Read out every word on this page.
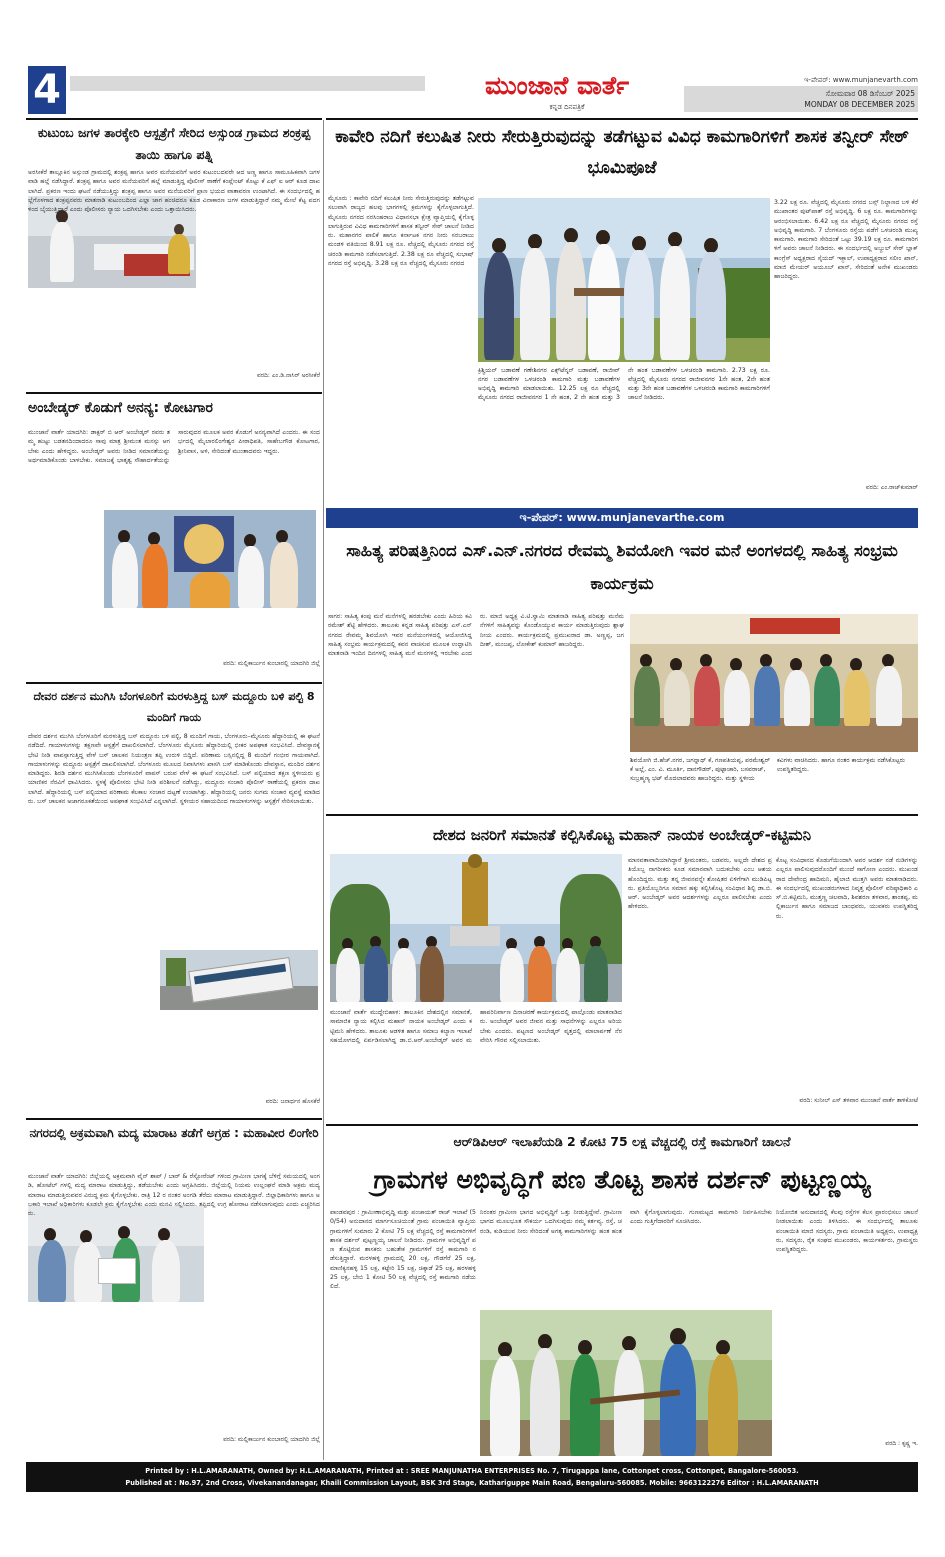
4	ಮುಂಜಾನೆ ವಾರ್ತೆ
ಕನ್ನಡ ದಿನಪತ್ರಿಕೆ
ಇ-ಪೇಪರ್: www.munjanevarth.com
ಸೋಮವಾರ 08 ಡಿಸೆಂಬರ್ 2025
MONDAY 08 DECEMBER 2025
ಕುಟುಂಬ ಜಗಳ ತಾರಕ್ಕೇರಿ ಆಸ್ಪತ್ರೆಗೆ ಸೇರಿದ ಅಸ್ಸುಂಡ ಗ್ರಾಮದ ಶಂಕ್ರಪ್ಪ ತಾಯಿ ಹಾಗೂ ಪತ್ನಿ
ಅರಸೀಕೆರೆ ತಾಲ್ಲೂಕಿನ ಅಸ್ಸುಂಡ ಗ್ರಾಮದಲ್ಲಿ ಶಂಕ್ರಪ್ಪ ಹಾಗೂ ಅವರ ಮನೆಯವರಿಗೆ ಅವರ ಕುಟುಂಬದವರೇ ಆದ ಅಣ್ಣ ಹಾಗೂ ಸಾಮೂಹಿಕವಾಗಿ ಜಗಳವಾಡಿ ಹಲ್ಲೆ ನಡೆಸಿದ್ದಾರೆ. ಶಂಕ್ರಪ್ಪ ಹಾಗೂ ಅವರ ಮನೆಯವರಿಗೆ ಹಲ್ಲೆ ಮಾಡುತ್ತಿದ್ದ ಪೊಲೀಸ್ ಠಾಣೆಗೆ ಕಂಪ್ಲೇಂಟ್ ಕೊಟ್ಟು ಕೆ ಎಫ್ ಐ ಆರ್ ಕೂಡ ದಾಖಲಾಗಿದೆ. ಪ್ರಕರಣ ಇಂದು ಘಟನೆ ನಡೆಯುತ್ತಿದ್ದು ಶಂಕ್ರಪ್ಪ ಹಾಗೂ ಅವರ ಮನೆಯವರಿಗೆ ಪ್ರಾಣ ಭಯದ ವಾತಾವರಣ ಉಂಟಾಗಿದೆ. ಈ ಸಂದರ್ಭದಲ್ಲಿ ಹಲ್ಲೆಗೊಳಗಾದ ಶಂಕ್ರಪ್ಪನವರು ಮಾತನಾಡಿ ಕುಟುಂಬದಿಂದ ಎಲ್ಲಾ ಜಾಗ ಹಂಚಿದರೂ ಕೂಡ ವಿನಾಕಾರಣ ಜಗಳ ಮಾಡುತ್ತಿದ್ದಾರೆ ನಮ್ಮ ಮೇಲೆ ಕೆಟ್ಟ ಪದಗಳಿಂದ ಬೈಯುತ್ತಿದ್ದಾರೆ ಎಂದು ಪೊಲೀಸರು ನ್ಯಾಯ ಒದಗಿಸಬೇಕು ಎಂದು ಒತ್ತಾಯಿಸಿದರು.
ವರದಿ: ಎಂ.ಡಿ.ನಾಸಿರ್ ಅರಸೀಕೆರೆ
ಕಾವೇರಿ ನದಿಗೆ ಕಲುಷಿತ ನೀರು ಸೇರುತ್ತಿರುವುದನ್ನು ತಡೆಗಟ್ಟುವ ವಿವಿಧ ಕಾಮಗಾರಿಗಳಿಗೆ ಶಾಸಕ ತನ್ವೀರ್ ಸೇಠ್ ಭೂಮಿಪೂಜೆ
ಮೈಸೂರು : ಕಾವೇರಿ ನದಿಗೆ ಕಲುಷಿತ ನೀರು ಸೇರುತ್ತಿರುವುದನ್ನು ತಡೆಗಟ್ಟುವ ಸಲುವಾಗಿ ರಾಜ್ಯದ ಹಲವು ಭಾಗಗಳಲ್ಲಿ ಕ್ರಮಗಳನ್ನು ಕೈಗೊಳ್ಳಲಾಗುತ್ತಿದೆ. ಮೈಸೂರು ನಗರದ ನರಸಿಂಹರಾಜ ವಿಧಾನಸಭಾ ಕ್ಷೇತ್ರ ವ್ಯಾಪ್ತಿಯಲ್ಲಿ ಕೈಗೊಳ್ಳಲಾಗುತ್ತಿರುವ ವಿವಿಧ ಕಾಮಗಾರಿಗಳಿಗೆ ಶಾಸಕ ತನ್ವೀರ್ ಸೇಠ್ ಚಾಲನೆ ನೀಡಿದರು. ಮಹಾನಗರ ಪಾಲಿಕೆ ಹಾಗೂ ಕರ್ನಾಟಕ ನಗರ ನೀರು ಸರಬರಾಜು ಮಂಡಳಿ ವತಿಯಿಂದ 8.91 ಲಕ್ಷ ರೂ. ವೆಚ್ಚದಲ್ಲಿ ಮೈಸೂರು ನಗರದ ರಸ್ತೆ ಚರಂಡಿ ಕಾಮಗಾರಿ ನಡೆಸಲಾಗುತ್ತಿದೆ. 2.38 ಲಕ್ಷ ರೂ ವೆಚ್ಚದಲ್ಲಿ ಸುಭಾಷ್ ನಗರದ ರಸ್ತೆ ಅಭಿವೃದ್ಧಿ. 3.28 ಲಕ್ಷ ರೂ ವೆಚ್ಚದಲ್ಲಿ ಮೈಸೂರು ನಗರದ
ಕ್ರಿಶ್ಚಿಯನ್ ಬಡಾವಣೆ ಗಣೇಶಿನಗರ ಎಕ್ಸ್‌ಟೆನ್ಶನ್ ಬಡಾವಣೆ, ರಾಜೀವ್ ನಗರ ಬಡಾವಣೆಗಳ ಒಳಚರಂಡಿ ಕಾಮಗಾರಿ ಮತ್ತು ಬಡಾವಣೆಗಳ ಅಭಿವೃದ್ಧಿ ಕಾಮಗಾರಿ ಮಾಡಲಾಯಿತು. 12.25 ಲಕ್ಷ ರೂ ವೆಚ್ಚದಲ್ಲಿ ಮೈಸೂರು ನಗರದ ರಾಜೀವನಗರ 1 ನೇ ಹಂತ, 2 ನೇ ಹಂತ ಮತ್ತು 3 ನೇ ಹಂತ ಬಡಾವಣೆಗಳ ಒಳಚರಂಡಿ ಕಾಮಗಾರಿ. 2.73 ಲಕ್ಷ ರೂ. ವೆಚ್ಚದಲ್ಲಿ ಮೈಸೂರು ನಗರದ ರಾಜೀವನಗರ 1ನೇ ಹಂತ, 2ನೇ ಹಂತ ಮತ್ತು 3ನೇ ಹಂತ ಬಡಾವಣೆಗಳ ಒಳಚರಂಡಿ ಕಾಮಗಾರಿ ಕಾಮಗಾರಿಗಳಿಗೆ ಚಾಲನೆ ನೀಡಿದರು.
3.22 ಲಕ್ಷ ರೂ. ವೆಚ್ಚದಲ್ಲಿ ಮೈಸೂರು ನಗರದ ಬಸ್ಸ್ ನಿಲ್ದಾಣದ ಬಳಿ ಕೆರೆ ಮುಖಾಂತರ ಪುಟ್‌ಪಾತ್ ರಸ್ತೆ ಅಭಿವೃದ್ಧಿ. 6 ಲಕ್ಷ ರೂ. ಕಾಮಗಾರಿಗಳನ್ನು ಆರಂಭಿಸಲಾಯಿತು. 6.42 ಲಕ್ಷ ರೂ ವೆಚ್ಚದಲ್ಲಿ ಮೈಸೂರು ನಗರದ ರಸ್ತೆ ಅಭಿವೃದ್ಧಿ ಕಾಮಗಾರಿ. 7 ಬೆಂಗಳೂರು ರಸ್ತೆಯ ಪಡೆಗೆ ಒಳಚರಂಡಿ ಮುಖ್ಯ ಕಾಮಗಾರಿ. ಕಾಮಗಾರಿ ಸೇರಿದಂತೆ ಒಟ್ಟು 39.19 ಲಕ್ಷ ರೂ. ಕಾಮಗಾರಿಗಳಿಗೆ ಅವರು ಚಾಲನೆ ನೀಡಿದರು. ಈ ಸಂದರ್ಭದಲ್ಲಿ ಅಬ್ದುಲ್ ಸೇಠ್ ಬ್ಲಾಕ್ ಕಾಂಗ್ರೆಸ್ ಅಧ್ಯಕ್ಷರಾದ ಸೈಯದ್ ಇಕ್ಬಾಲ್, ಉಪಾಧ್ಯಕ್ಷರಾದ ಸಲೀಂ ಖಾನ್, ಮಾಜಿ ಮೇಯರ್ ಅಯೂಬ್ ಖಾನ್, ಸೇರಿದಂತೆ ಅನೇಕ ಮುಖಂಡರು ಹಾಜರಿದ್ದರು.
ವರದಿ: ಎಂ.ರಾಜ್‌ಕುಮಾರ್
ಇ-ಪೇಪರ್: www.munjanevarthe.com
ಅಂಬೇಡ್ಕರ್ ಕೊಡುಗೆ ಅನನ್ಯ: ಕೋಟಗಾರ
ಮುಂಜಾನೆ ವಾರ್ತೆ ಯಾದಗಿರಿ: ಡಾಕ್ಟರ್ ಬಿ ಆರ್ ಅಂಬೇಡ್ಕರ್ ರವರು ತಮ್ಮ ಹುಟ್ಟು ಬಡತನದಿಂದಾದರೂ ಸಾವು ಮಾತ್ರ ಶ್ರೀಮಂತ ಮನಸ್ಸು ಆಗಬೇಕು ಎಂದು ಹೇಳಿದ್ದರು. ಅಂಬೇಡ್ಕರ್ ಅವರು ನೀಡಿದ ಸಮಾನತೆಯನ್ನು ಅರ್ಥಮಾಡಿಕೊಂಡು ಬಾಳಬೇಕು. ಸಮಾಜಕ್ಕೆ ಭಾತೃತ್ವ ಸೌಹಾರ್ದತೆಯನ್ನು ಸಾರುವುದರ ಮೂಲಕ ಅವರ ಕೊಡುಗೆ ಅನನ್ಯವಾಗಿದೆ ಎಂದರು. ಈ ಸಂದರ್ಭದಲ್ಲಿ ಮೈಲಾರಲಿಂಗೇಶ್ವರ ಪೀಠಾಧಿಪತಿ, ಸಾಹೇಬಗೌಡ ಕೋಟಗಾರ, ಶ್ರೀನಿವಾಸ, ಅಳಿ, ಸೇರಿದಂತೆ ಮುಂತಾದವರು ಇದ್ದರು.
ವರದಿ: ಮಲ್ಲಿಕಾರ್ಜುನ ಕುಂಬಾರಲ್ಲಿ ಯಾದಗಿರಿ ಜಿಲ್ಲೆ
ದೇವರ ದರ್ಶನ ಮುಗಿಸಿ ಬೆಂಗಳೂರಿಗೆ ಮರಳುತ್ತಿದ್ದ ಬಸ್ ಮದ್ದೂರು ಬಳಿ ಪಲ್ಟಿ 8 ಮಂದಿಗೆ ಗಾಯ
ದೇವರ ದರ್ಶನ ಮುಗಿಸಿ ಬೆಂಗಳೂರಿಗೆ ಮರಳುತ್ತಿದ್ದ ಬಸ್ ಮದ್ದೂರು ಬಳಿ ಪಲ್ಟಿ, 8 ಮಂದಿಗೆ ಗಾಯ, ಬೆಂಗಳೂರು–ಮೈಸೂರು ಹೆದ್ದಾರಿಯಲ್ಲಿ ಈ ಘಟನೆ ನಡೆದಿದೆ. ಗಾಯಾಳುಗಳನ್ನು ತಕ್ಷಣವೇ ಆಸ್ಪತ್ರೆಗೆ ದಾಖಲಿಸಲಾಗಿದೆ. ಬೆಂಗಳೂರು ಮೈಸೂರು ಹೆದ್ದಾರಿಯಲ್ಲಿ ಭೀಕರ ಅಪಘಾತ ಸಂಭವಿಸಿದೆ. ದೇವಸ್ಥಾನಕ್ಕೆ ಭೇಟಿ ನೀಡಿ ವಾಪಸ್ಸಾಗುತ್ತಿದ್ದ ವೇಳೆ ಬಸ್ ಚಾಲಕನ ನಿಯಂತ್ರಣ ತಪ್ಪಿ ಉರುಳಿ ಬಿದ್ದಿದೆ. ಪರಿಣಾಮ ಬಸ್ಸಿನಲ್ಲಿದ್ದ 8 ಮಂದಿಗೆ ಗಂಭೀರ ಗಾಯವಾಗಿದೆ. ಗಾಯಾಳುಗಳನ್ನು ಮದ್ದೂರು ಆಸ್ಪತ್ರೆಗೆ ದಾಖಲಿಸಲಾಗಿದೆ. ಬೆಂಗಳೂರು ಮೂಲದ ನಿವಾಸಿಗಳು ಖಾಸಗಿ ಬಸ್ ಮಾಡಿಕೊಂಡು ದೇವಸ್ಥಾನ, ಮಂದಿರ ದರ್ಶನ ಮಾಡಿದ್ದರು. ಶಿರಡಿ ದರ್ಶನ ಮುಗಿಸಿಕೊಂಡು ಬೆಂಗಳೂರಿಗೆ ವಾಪಸ್ ಬರುವ ವೇಳೆ ಈ ಘಟನೆ ಸಂಭವಿಸಿದೆ. ಬಸ್ ಪಲ್ಟಿಯಾದ ತಕ್ಷಣ ಸ್ಥಳೀಯರು ಪ್ರಯಾಣಿಕರ ನೆರವಿಗೆ ಧಾವಿಸಿದರು. ಸ್ಥಳಕ್ಕೆ ಪೊಲೀಸರು ಭೇಟಿ ನೀಡಿ ಪರಿಶೀಲನೆ ನಡೆಸಿದ್ದು, ಮದ್ದೂರು ಸಂಚಾರಿ ಪೊಲೀಸ್ ಠಾಣೆಯಲ್ಲಿ ಪ್ರಕರಣ ದಾಖಲಾಗಿದೆ. ಹೆದ್ದಾರಿಯಲ್ಲಿ ಬಸ್ ಪಲ್ಟಿಯಾದ ಪರಿಣಾಮ ಕೆಲಕಾಲ ಸಂಚಾರ ದಟ್ಟಣೆ ಉಂಟಾಗಿತ್ತು. ಹೆದ್ದಾರಿಯಲ್ಲಿ ಜನರು ಸುಗಮ ಸಂಚಾರ ವ್ಯವಸ್ಥೆ ಮಾಡಿದರು. ಬಸ್ ಚಾಲಕನ ಅಜಾಗರೂಕತೆಯಿಂದ ಅಪಘಾತ ಸಂಭವಿಸಿದೆ ಎನ್ನಲಾಗಿದೆ. ಸ್ಥಳೀಯರ ಸಹಾಯದಿಂದ ಗಾಯಾಳುಗಳನ್ನು ಆಸ್ಪತ್ರೆಗೆ ಸೇರಿಸಲಾಯಿತು.
ವರದಿ: ಜನಾರ್ಧನ ಹೊಸಕೆರೆ
ಸಾಹಿತ್ಯ ಪರಿಷತ್ತಿನಿಂದ ಎಸ್.ಎನ್.ನಗರದ ರೇವಮ್ಮ ಶಿವಯೋಗಿ ಇವರ ಮನೆ ಅಂಗಳದಲ್ಲಿ ಸಾಹಿತ್ಯ ಸಂಭ್ರಮ ಕಾರ್ಯಕ್ರಮ
ಸಾಗರ: ಸಾಹಿತ್ಯ ಕಂಪು ಮನೆ ಮನೆಗಳಲ್ಲಿ ಹರಡಬೇಕು ಎಂದು ಹಿರಿಯ ಕವಿ ರಮೇಶ್ ಶೆಟ್ಟಿ ಹೇಳಿದರು. ತಾಲೂಕು ಕನ್ನಡ ಸಾಹಿತ್ಯ ಪರಿಷತ್ತು ಎಸ್.ಎನ್ ನಗರದ ರೇವಮ್ಮ ಶಿವಯೋಗಿ ಇವರ ಮನೆಯಂಗಳದಲ್ಲಿ ಆಯೋಜಿಸಿದ್ದ ಸಾಹಿತ್ಯ ಸಂಭ್ರಮ ಕಾರ್ಯಕ್ರಮದಲ್ಲಿ ಕವನ ವಾಚಿಸುವ ಮೂಲಕ ಉದ್ಘಾಟಿಸಿ ಮಾತನಾಡಿ ಇಂದಿನ ದಿನಗಳಲ್ಲಿ ಸಾಹಿತ್ಯ ಮನೆ ಮನಗಳಲ್ಲಿ ಇರಬೇಕು ಎಂದರು. ಮಾಜಿ ಅಧ್ಯಕ್ಷ ವಿ.ಟಿ.ಸ್ವಾಮಿ ಮಾತನಾಡಿ ಸಾಹಿತ್ಯ ಪರಿಷತ್ತು ಮನೆಮನೆಗಳಿಗೆ ಸಾಹಿತ್ಯವನ್ನು ಕೊಂಡೊಯ್ಯುವ ಕಾರ್ಯ ಮಾಡುತ್ತಿರುವುದು ಶ್ಲಾಘನೀಯ ಎಂದರು. ಕಾರ್ಯಕ್ರಮದಲ್ಲಿ ಪ್ರಮುಖರಾದ ಡಾ. ಅಣ್ಣಪ್ಪ, ಜಗದೀಶ್, ಮಂಜಪ್ಪ, ಲೋಕೇಶ್ ಕುಮಾರ್ ಹಾಜರಿದ್ದರು.
ಶಿವಯೋಗಿ ಜಿ.ಹೆಚ್.ನಗರ, ಜಗನ್ನಾಥ್ ಕೆ, ಗಣಪತಿಯಪ್ಪ, ಪರಮೇಶ್ವರ್ ಕೆ ಅಲ್ಲೆ, ಎಂ. ವಿ. ಮೂರ್ತಿ, ದಾನಗೌಡರ್, ಪುಟ್ಟಾಚಾರಿ, ಬಸವರಾಜ್, ಸುಬ್ರಹ್ಮಣ್ಯ ಭಟ್ ಮೊದಲಾದವರು ಹಾಜರಿದ್ದರು. ಮತ್ತು ಸ್ಥಳೀಯ ಕವಿಗಳು ವಾಚಿಸಿದರು. ಹಾಗೂ ನಂತರ ಕಾರ್ಯಕ್ರಮ ನಡೆಸಿಕೊಟ್ಟರು ಉಪಸ್ಥಿತರಿದ್ದರು.
ದೇಶದ ಜನರಿಗೆ ಸಮಾನತೆ ಕಲ್ಪಿಸಿಕೊಟ್ಟ ಮಹಾನ್ ನಾಯಕ ಅಂಬೇಡ್ಕರ್-ಕಟ್ಟಿಮನಿ
ಮಾನವತಾವಾದಿಯಾಗಿದ್ದಾರೆ ಶ್ರೀಮಂತರು, ಬಡವರು, ಅಲ್ಲದೇ ದೇಶದ ಪ್ರತಿಯೊಬ್ಬ ನಾಗರೀಕರು ಕೂಡ ಸಮಾನವಾಗಿ ಬದುಕಬೇಕು ಎಂಬ ಆಶಯ ಹೊಂದಿದ್ದರು. ಮತ್ತು ತನ್ನ ಜೀವನವನ್ನೇ ಶೋಷಿತರ ಏಳಿಗೆಗಾಗಿ ಮುಡಿಪಿಟ್ಟರು. ಪ್ರತಿಯೊಬ್ಬರಿಗೂ ಸಮಾನ ಹಕ್ಕು ಕಲ್ಪಿಸಿಕೊಟ್ಟ ಸಂವಿಧಾನ ಶಿಲ್ಪಿ ಡಾ.ಬಿ.ಆರ್. ಅಂಬೇಡ್ಕರ್ ಅವರ ಆದರ್ಶಗಳನ್ನು ಎಲ್ಲರೂ ಪಾಲಿಸಬೇಕು ಎಂದು ಹೇಳಿದರು.
ಮುಂಜಾನೆ ವಾರ್ತೆ ಮುದ್ದೇಬಿಹಾಳ: ತಾಲೂಕಿನ ದೇಶದಲ್ಲಿನ ಸಮಾನತೆ, ಸಾಮಾಜಿಕ ನ್ಯಾಯ ಕಲ್ಪಿಸಿದ ಮಹಾನ್ ನಾಯಕ ಅಂಬೇಡ್ಕರ್ ಎಂದು ಕಟ್ಟಿಮನಿ ಹೇಳಿದರು. ತಾಲೂಕು ಆಡಳಿತ ಹಾಗೂ ಸಮಾಜ ಕಲ್ಯಾಣ ಇಲಾಖೆ ಸಹಯೋಗದಲ್ಲಿ ಏರ್ಪಡಿಸಲಾಗಿದ್ದ ಡಾ.ಬಿ.ಆರ್.ಅಂಬೇಡ್ಕರ್ ಅವರ ಮಹಾಪರಿನಿರ್ವಾಣ ದಿನಾಚರಣೆ ಕಾರ್ಯಕ್ರಮದಲ್ಲಿ ಪಾಲ್ಗೊಂಡು ಮಾತನಾಡಿದರು. ಅಂಬೇಡ್ಕರ್ ಅವರ ಜೀವನ ಮತ್ತು ಸಾಧನೆಗಳನ್ನು ಎಲ್ಲರೂ ಅರಿಯಬೇಕು ಎಂದರು. ಪಟ್ಟಣದ ಅಂಬೇಡ್ಕರ್ ವೃತ್ತದಲ್ಲಿ ಮಾಲಾರ್ಪಣೆ ನೆರವೇರಿಸಿ ಗೌರವ ಸಲ್ಲಿಸಲಾಯಿತು.
ಕೊಟ್ಟ ಸಂವಿಧಾನದ ಕೊಡುಗೆಯಿಂದಾಗಿ ಅವರ ಆದರ್ಶ ನಡೆ ನುಡಿಗಳನ್ನು ಎಲ್ಲರೂ ಪಾಲಿಸುವುದರೊಂದಿಗೆ ಮುಂದೆ ಸಾಗೋಣ ಎಂದರು. ಮುಖಂಡರಾದ ದೇವೇಂದ್ರ ಹಾದಿಮನಿ, ಹೈಲಾಜಿ ಮುತ್ತಗಿ ಅವರು ಮಾತನಾಡಿದರು. ಈ ಸಂದರ್ಭದಲ್ಲಿ ಮುಖಂಡರುಗಳಾದ ನಿವೃತ್ತ ಪೊಲೀಸ್ ವರಿಷ್ಠಾಧಿಕಾರಿ ಎಸ್.ಬಿ.ಕಟ್ಟಿಮನಿ, ಮುತ್ತಣ್ಣ ಚಲವಾದಿ, ಶಿವಶರಣ ತಳವಾರ, ಶಾಂತಪ್ಪ, ಮಲ್ಲಿಕಾರ್ಜುನ ಹಾಗೂ ಸಮಾಜದ ಬಾಂಧವರು, ಯುವಕರು ಉಪಸ್ಥಿತರಿದ್ದರು.
ವರದಿ: ಸುನೀಲ್ ಎಸ್ ತಳವಾರ ಮುಂಜಾನೆ ವಾರ್ತೆ ತಾಳಿಕೋಟೆ
ನಗರದಲ್ಲಿ ಅಕ್ರಮವಾಗಿ ಮದ್ಯ ಮಾರಾಟ ತಡೆಗೆ ಅಗ್ರಹ : ಮಹಾವೀರ ಲಿಂಗೇರಿ
ಮುಂಜಾನೆ ವಾರ್ತೆ ಯಾದಗಿರಿ: ಜಿಲ್ಲೆಯಲ್ಲಿ ಅಕ್ರಮವಾಗಿ ವೈನ್ ಶಾಪ್ / ಬಾರ್ & ರೆಸ್ಟೋರೆಂಟ್ ಗಳಿಂದ ಗ್ರಾಮೀಣ ಭಾಗಕ್ಕೆ ಬೆಳಿಗ್ಗೆ ಸಮಯದಲ್ಲಿ ಅಂಗಡಿ, ಹೋಟೆಲ್ ಗಳಲ್ಲಿ ಮದ್ಯ ಮಾರಾಟ ಮಾಡುತ್ತಿದ್ದು, ತಡೆಯಬೇಕು ಎಂದು ಅಗ್ರಹಿಸಿದರು. ಜಿಲ್ಲೆಯಲ್ಲಿ ನಿಯಮ ಉಲ್ಲಂಘನೆ ಮಾಡಿ ಅಕ್ರಮ ಮದ್ಯ ಮಾರಾಟ ಮಾಡುತ್ತಿರುವವರ ವಿರುದ್ಧ ಕ್ರಮ ಕೈಗೊಳ್ಳಬೇಕು. ರಾತ್ರಿ 12 ರ ನಂತರ ಅಂಗಡಿ ತೆರೆದು ಮಾರಾಟ ಮಾಡುತ್ತಿದ್ದಾರೆ. ಜಿಲ್ಲಾಧಿಕಾರಿಗಳು ಹಾಗೂ ಅಬಕಾರಿ ಇಲಾಖೆ ಅಧಿಕಾರಿಗಳು ಕೂಡಲೇ ಕ್ರಮ ಕೈಗೊಳ್ಳಬೇಕು ಎಂದು ಮನವಿ ಸಲ್ಲಿಸಿದರು. ತಪ್ಪಿದಲ್ಲಿ ಉಗ್ರ ಹೋರಾಟ ನಡೆಸಲಾಗುವುದು ಎಂದು ಎಚ್ಚರಿಸಿದರು.
ವರದಿ: ಮಲ್ಲಿಕಾರ್ಜುನ ಕುಂಬಾರಲ್ಲಿ ಯಾದಗಿರಿ ಜಿಲ್ಲೆ
ಆರ್‌ಡಿಪಿಆರ್ ಇಲಾಖೆಯಡಿ 2 ಕೋಟಿ 75 ಲಕ್ಷ ವೆಚ್ಚದಲ್ಲಿ ರಸ್ತೆ ಕಾಮಗಾರಿಗೆ ಚಾಲನೆ
ಗ್ರಾಮಗಳ ಅಭಿವೃದ್ಧಿಗೆ ಪಣ ತೊಟ್ಟ ಶಾಸಕ ದರ್ಶನ್ ಪುಟ್ಟಣ್ಣಯ್ಯ
ಪಾಂಡವಪುರ : ಗ್ರಾಮೀಣಾಭಿವೃದ್ಧಿ ಮತ್ತು ಪಂಚಾಯತ್ ರಾಜ್ ಇಲಾಖೆ (50/54) ಅನುದಾನದ ಮಾರ್ಗಸೂಚಿಯಂತೆ ಗ್ರಾಮ ಪಂಚಾಯಿತಿ ವ್ಯಾಪ್ತಿಯ ಗ್ರಾಮಗಳಿಗೆ ಸುಮಾರು 2 ಕೋಟಿ 75 ಲಕ್ಷ ವೆಚ್ಚದಲ್ಲಿ ರಸ್ತೆ ಕಾಮಗಾರಿಗಳಿಗೆ ಶಾಸಕ ದರ್ಶನ್ ಪುಟ್ಟಣ್ಣಯ್ಯ ಚಾಲನೆ ನೀಡಿದರು. ಗ್ರಾಮಗಳ ಅಭಿವೃದ್ಧಿಗೆ ಪಣ ತೊಟ್ಟಿರುವ ಶಾಸಕರು ಬಹುತೇಕ ಗ್ರಾಮಗಳಿಗೆ ರಸ್ತೆ ಕಾಮಗಾರಿ ನಡೆಸುತ್ತಿದ್ದಾರೆ. ಮರಳಹಳ್ಳಿ ಗ್ರಾಮದಲ್ಲಿ 20 ಲಕ್ಷ, ಗೌಡಗೆರೆ 25 ಲಕ್ಷ, ಮಾಣಿಕ್ಯನಹಳ್ಳಿ 15 ಲಕ್ಷ, ಕಟ್ಟೇರಿ 15 ಲಕ್ಷ, ಚಿಕ್ಕಾಡೆ 25 ಲಕ್ಷ, ಹರಳಹಳ್ಳಿ 25 ಲಕ್ಷ, ಬೇಬಿ 1 ಕೋಟಿ 50 ಲಕ್ಷ ವೆಚ್ಚದಲ್ಲಿ ರಸ್ತೆ ಕಾಮಗಾರಿ ನಡೆಯಲಿದೆ.
ನಿರಂತರ ಗ್ರಾಮೀಣ ಭಾಗದ ಅಭಿವೃದ್ಧಿಗೆ ಒತ್ತು ನೀಡುತ್ತಿದ್ದೇವೆ. ಗ್ರಾಮೀಣ ಭಾಗದ ಮೂಲಭೂತ ಸೌಕರ್ಯ ಒದಗಿಸುವುದು ನಮ್ಮ ಕರ್ತವ್ಯ. ರಸ್ತೆ, ಚರಂಡಿ, ಕುಡಿಯುವ ನೀರು ಸೇರಿದಂತೆ ಅಗತ್ಯ ಕಾಮಗಾರಿಗಳನ್ನು ಹಂತ ಹಂತವಾಗಿ ಕೈಗೊಳ್ಳಲಾಗುವುದು. ಗುಣಮಟ್ಟದ ಕಾಮಗಾರಿ ನಿರ್ವಹಿಸಬೇಕು ಎಂದು ಗುತ್ತಿಗೆದಾರರಿಗೆ ಸೂಚಿಸಿದರು.
ನಿಯೋಜಿತ ಅನುದಾನದಲ್ಲಿ ಕೆಲವು ರಸ್ತೆಗಳ ಕೆಲಸ ಪ್ರಾರಂಭಿಸಲು ಚಾಲನೆ ನೀಡಲಾಯಿತು ಎಂದು ತಿಳಿಸಿದರು. ಈ ಸಂದರ್ಭದಲ್ಲಿ ತಾಲೂಕು ಪಂಚಾಯಿತಿ ಮಾಜಿ ಸದಸ್ಯರು, ಗ್ರಾಮ ಪಂಚಾಯಿತಿ ಅಧ್ಯಕ್ಷರು, ಉಪಾಧ್ಯಕ್ಷರು, ಸದಸ್ಯರು, ರೈತ ಸಂಘದ ಮುಖಂಡರು, ಕಾರ್ಯಕರ್ತರು, ಗ್ರಾಮಸ್ಥರು ಉಪಸ್ಥಿತರಿದ್ದರು.
ವರದಿ : ಕೃಷ್ಣ ಇ.
Printed by : H.L.AMARANATH, Owned by: H.L.AMARANATH, Printed at : SREE MANJUNATHA ENTERPRISES No. 7, Tirugappa lane, Cottonpet cross, Cottonpet, Bangalore-560053.
Published at : No.97, 2nd Cross, Vivekanandanagar, Khaili Commission Layout, BSK 3rd Stage, Kathariguppe Main Road, Bengaluru-560085. Mobile: 9663122276 Editor : H.L.AMARANATH
